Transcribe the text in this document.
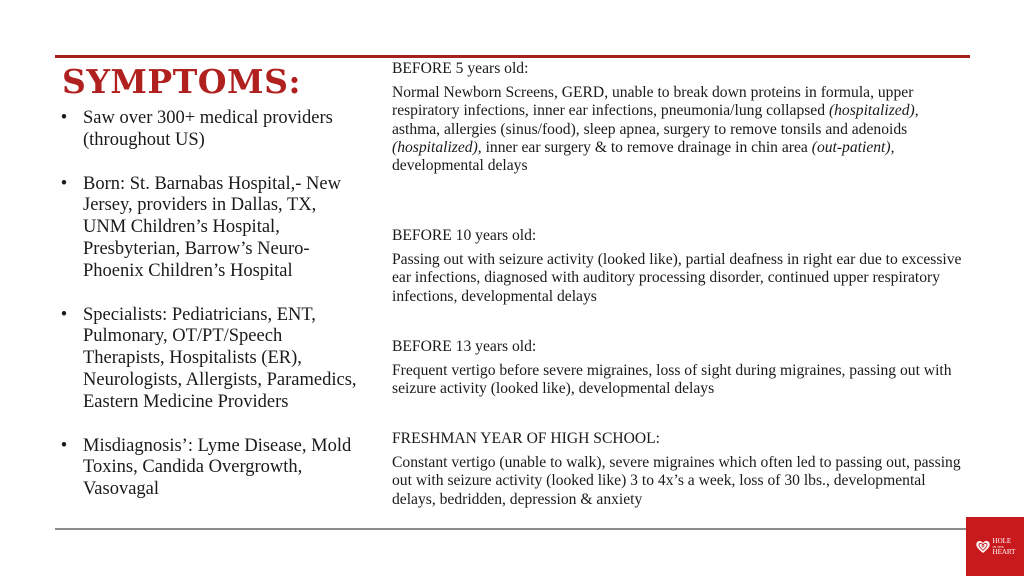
SYMPTOMS:
• Saw over 300+ medical providers (throughout US)
• Born: St. Barnabas Hospital,- New Jersey, providers in Dallas, TX, UNM Children’s Hospital, Presbyterian, Barrow’s Neuro-Phoenix Children’s Hospital
• Specialists: Pediatricians, ENT, Pulmonary, OT/PT/Speech Therapists, Hospitalists (ER), Neurologists, Allergists, Paramedics, Eastern Medicine Providers
• Misdiagnosis’: Lyme Disease, Mold Toxins, Candida Overgrowth, Vasovagal

BEFORE 5 years old:

Normal Newborn Screens, GERD, unable to break down proteins in formula, upper respiratory infections, inner ear infections, pneumonia/lung collapsed (hospitalized), asthma, allergies (sinus/food), sleep apnea, surgery to remove tonsils and adenoids (hospitalized), inner ear surgery & to remove drainage in chin area (out-patient), developmental delays

BEFORE 10 years old:

Passing out with seizure activity (looked like), partial deafness in right ear due to excessive ear infections, diagnosed with auditory processing disorder, continued upper respiratory infections, developmental delays

BEFORE 13 years old:

Frequent vertigo before severe migraines, loss of sight during migraines, passing out with seizure activity (looked like), developmental delays

FRESHMAN YEAR OF HIGH SCHOOL:

Constant vertigo (unable to walk), severe migraines which often led to passing out, passing out with seizure activity (looked like) 3 to 4x’s a week, loss of 30 lbs., developmental delays, bedridden, depression & anxiety

HOLE
IN THE
HEART
